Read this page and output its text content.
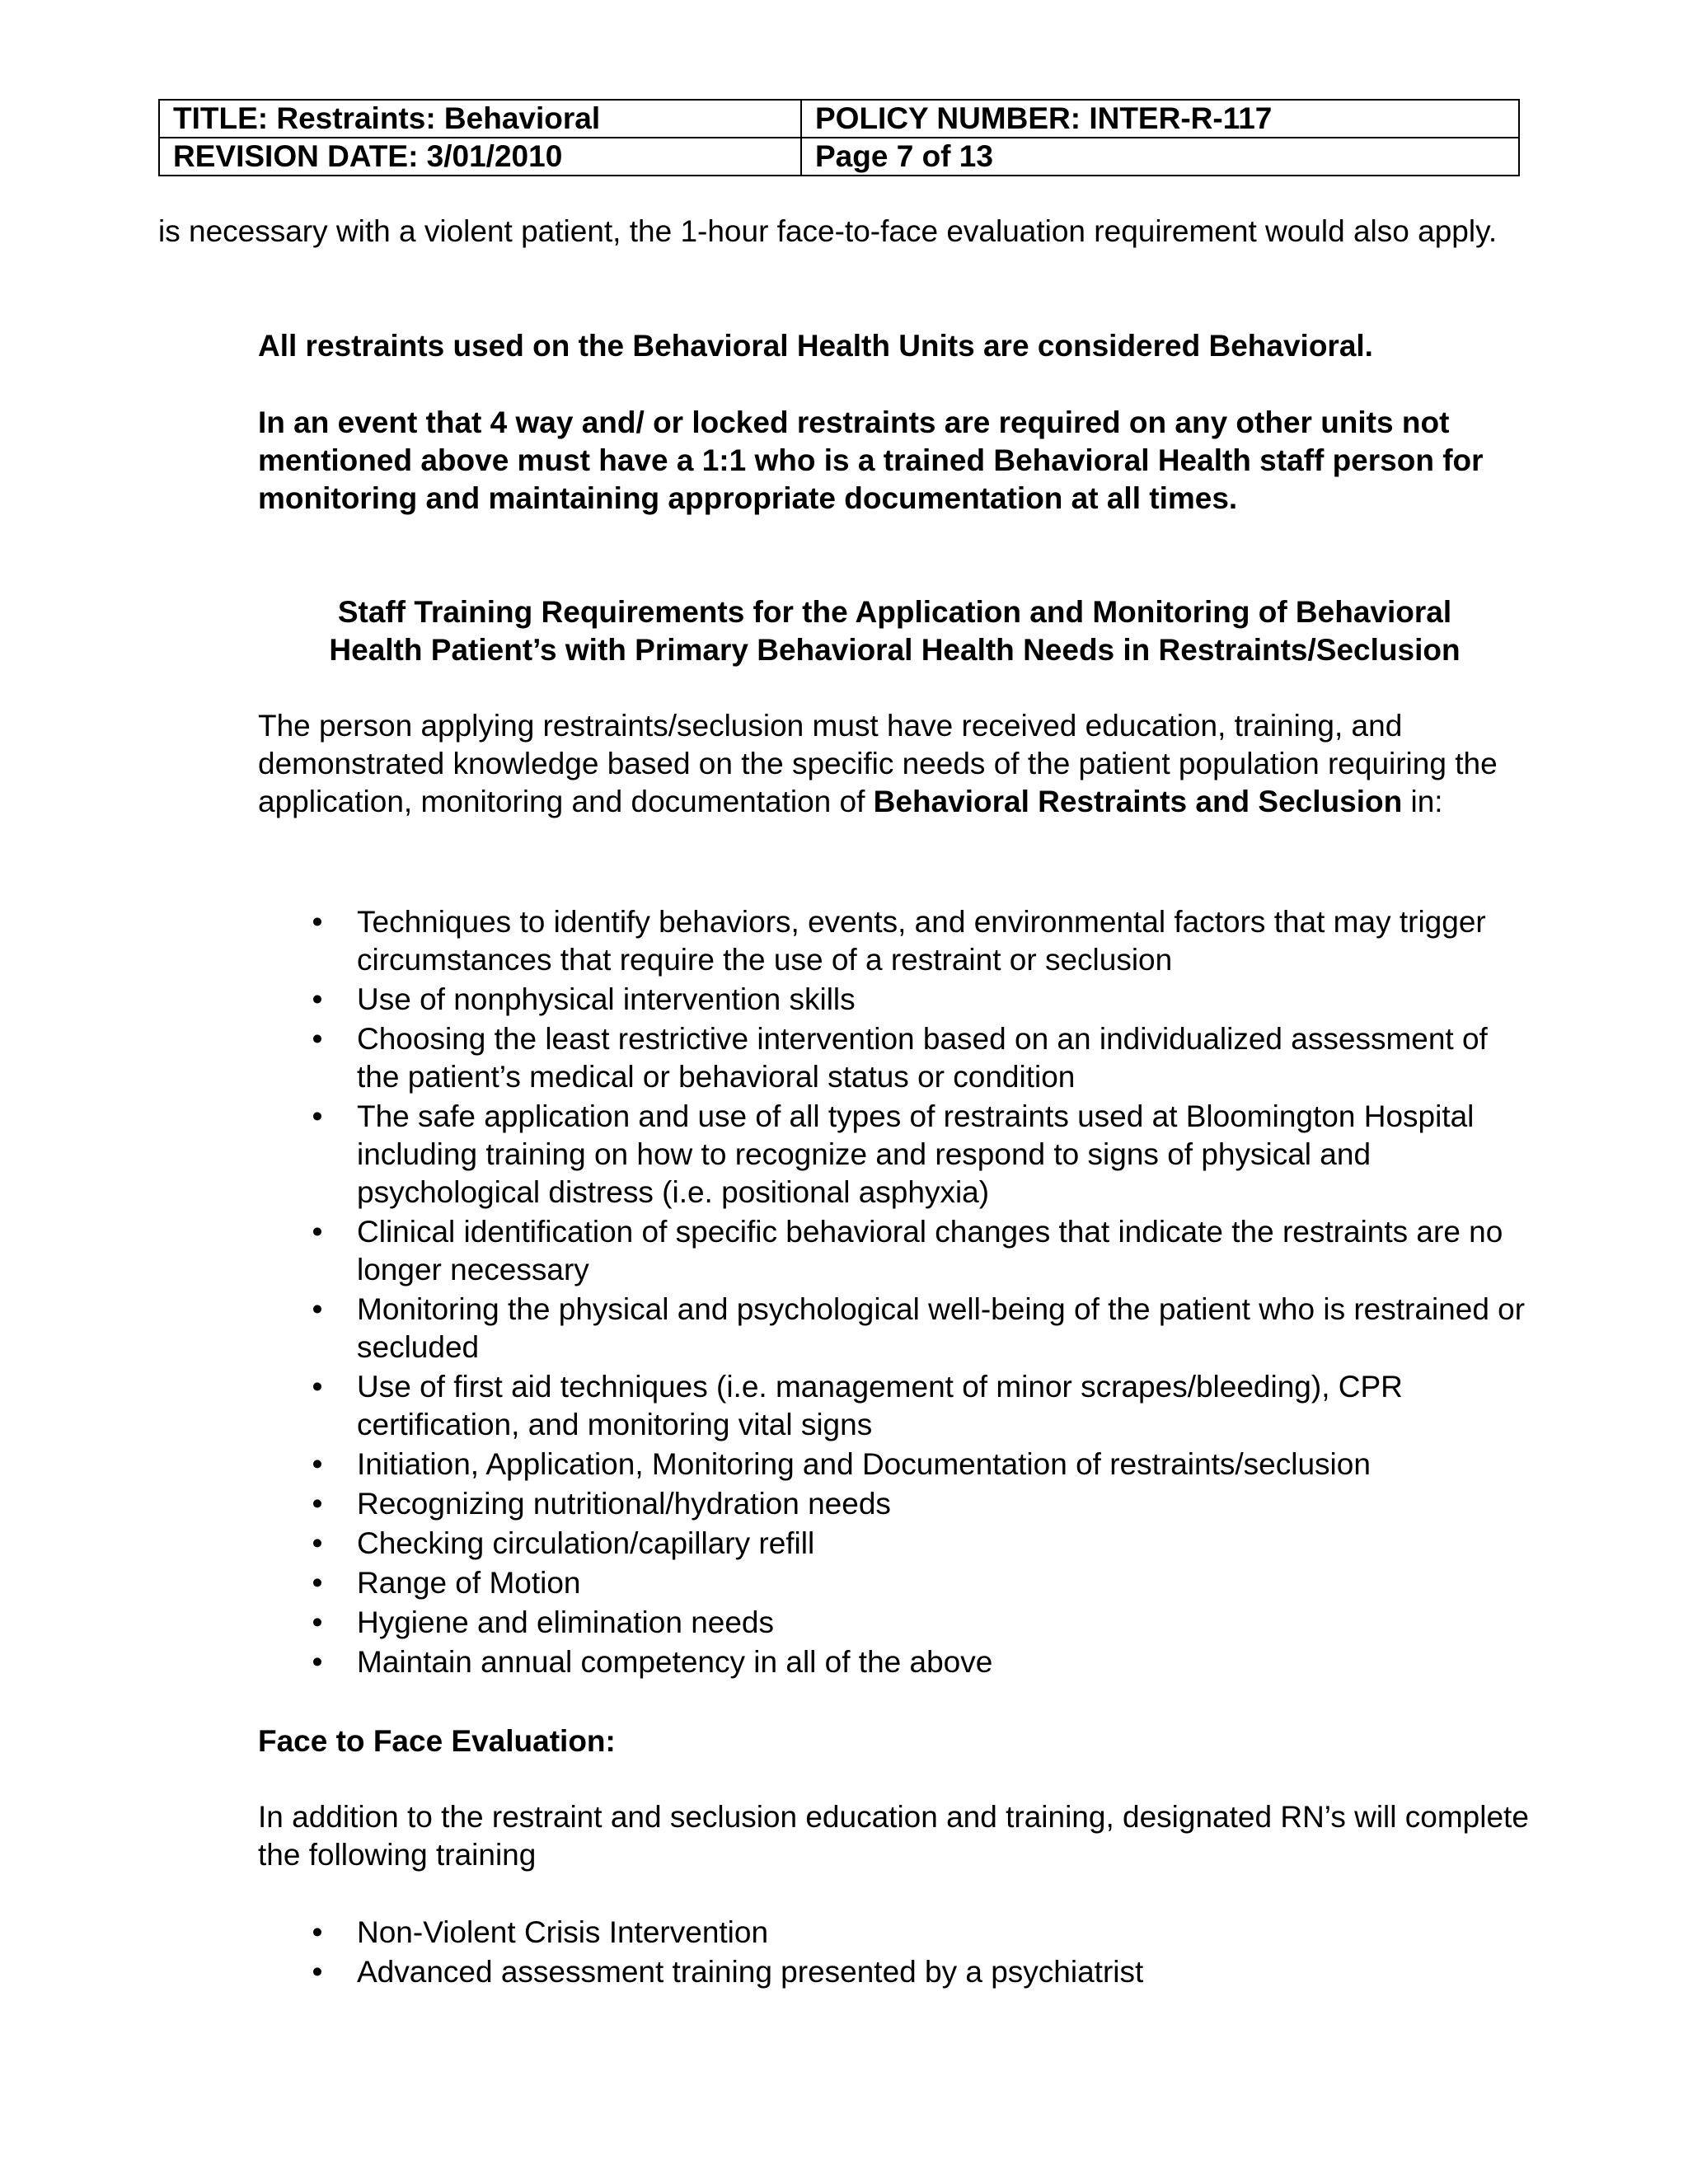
TITLE: Restraints: Behavioral	POLICY NUMBER: INTER-R-117
REVISION DATE: 3/01/2010	Page 7 of 13

is necessary with a violent patient, the 1-hour face-to-face evaluation requirement would also apply.

All restraints used on the Behavioral Health Units are considered Behavioral.

In an event that 4 way and/ or locked restraints are required on any other units not mentioned above must have a 1:1 who is a trained Behavioral Health staff person for monitoring and maintaining appropriate documentation at all times.

Staff Training Requirements for the Application and Monitoring of Behavioral
Health Patient’s with Primary Behavioral Health Needs in Restraints/Seclusion

The person applying restraints/seclusion must have received education, training, and demonstrated knowledge based on the specific needs of the patient population requiring the application, monitoring and documentation of Behavioral Restraints and Seclusion in:

• Techniques to identify behaviors, events, and environmental factors that may trigger circumstances that require the use of a restraint or seclusion
• Use of nonphysical intervention skills
• Choosing the least restrictive intervention based on an individualized assessment of the patient’s medical or behavioral status or condition
• The safe application and use of all types of restraints used at Bloomington Hospital including training on how to recognize and respond to signs of physical and psychological distress (i.e. positional asphyxia)
• Clinical identification of specific behavioral changes that indicate the restraints are no longer necessary
• Monitoring the physical and psychological well-being of the patient who is restrained or secluded
• Use of first aid techniques (i.e. management of minor scrapes/bleeding), CPR certification, and monitoring vital signs
• Initiation, Application, Monitoring and Documentation of restraints/seclusion
• Recognizing nutritional/hydration needs
• Checking circulation/capillary refill
• Range of Motion
• Hygiene and elimination needs
• Maintain annual competency in all of the above

Face to Face Evaluation:

In addition to the restraint and seclusion education and training, designated RN’s will complete the following training

• Non-Violent Crisis Intervention
• Advanced assessment training presented by a psychiatrist
